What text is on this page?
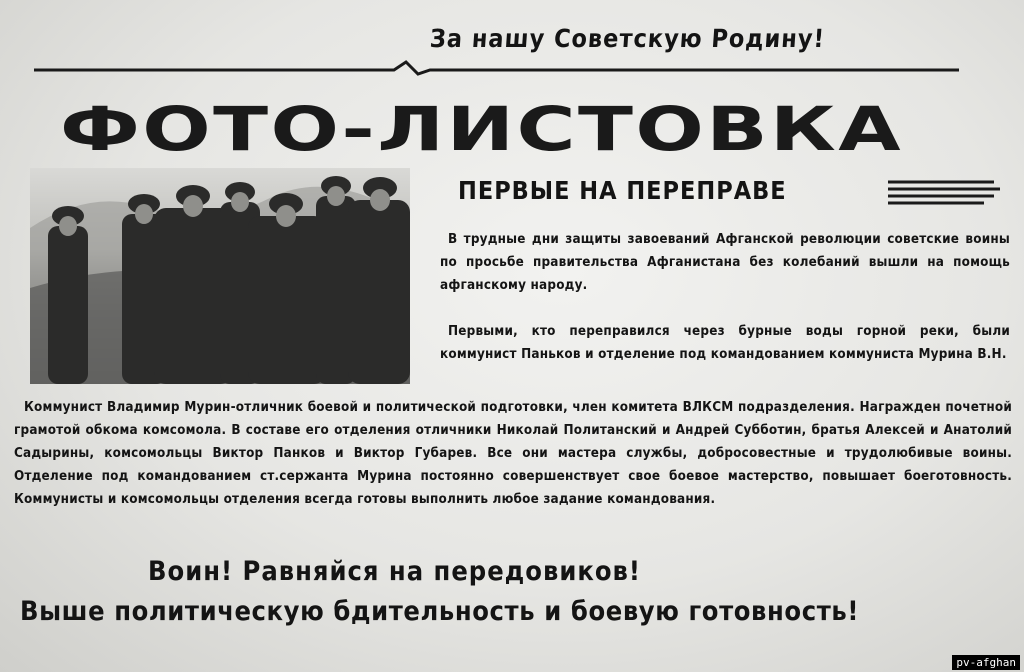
За нашу Советскую Родину!
ФОТО-ЛИСТОВКА
ПЕРВЫЕ НА ПЕРЕПРАВЕ

В трудные дни защиты завоеваний Афганской революции советские воины по просьбе правительства Афганистана без колебаний вышли на помощь афганскому народу.

Первыми, кто переправился через бурные воды горной реки, были коммунист Паньков и отделение под командованием коммуниста Мурина В.Н.

Коммунист Владимир Мурин-отличник боевой и политической подготовки, член комитета ВЛКСМ подразделения. Награжден почетной грамотой обкома комсомола. В составе его отделения отличники Николай Политанский и Андрей Субботин, братья Алексей и Анатолий Садырины, комсомольцы Виктор Панков и Виктор Губарев. Все они мастера службы, добросовестные и трудолюбивые воины. Отделение под командованием ст.сержанта Мурина постоянно совершенствует свое боевое мастерство, повышает боеготовность. Коммунисты и комсомольцы отделения всегда готовы выполнить любое задание командования.

Воин! Равняйся на передовиков!
Выше политическую бдительность и боевую готовность!
pv-afghan
